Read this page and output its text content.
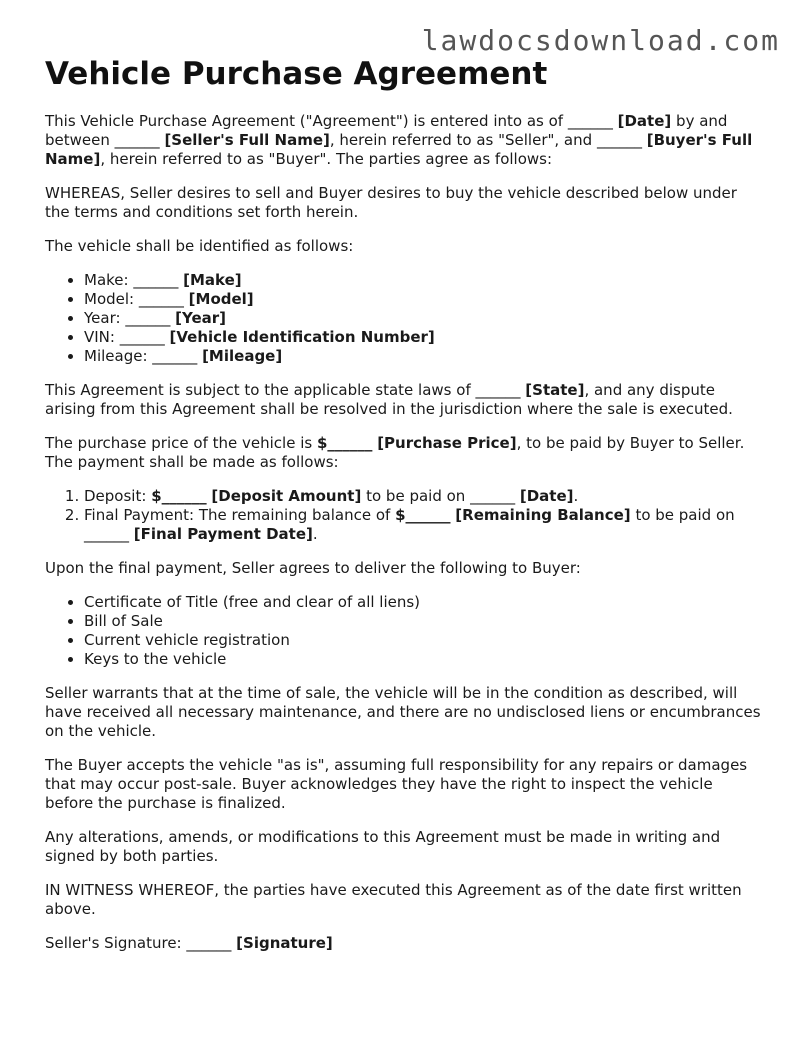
lawdocsdownload.com
Vehicle Purchase Agreement

This Vehicle Purchase Agreement ("Agreement") is entered into as of ______ [Date] by and between ______ [Seller's Full Name], herein referred to as "Seller", and ______ [Buyer's Full Name], herein referred to as "Buyer". The parties agree as follows:

WHEREAS, Seller desires to sell and Buyer desires to buy the vehicle described below under the terms and conditions set forth herein.

The vehicle shall be identified as follows:

• Make: ______ [Make]
• Model: ______ [Model]
• Year: ______ [Year]
• VIN: ______ [Vehicle Identification Number]
• Mileage: ______ [Mileage]

This Agreement is subject to the applicable state laws of ______ [State], and any dispute arising from this Agreement shall be resolved in the jurisdiction where the sale is executed.

The purchase price of the vehicle is $______ [Purchase Price], to be paid by Buyer to Seller. The payment shall be made as follows:

1. Deposit: $______ [Deposit Amount] to be paid on ______ [Date].
2. Final Payment: The remaining balance of $______ [Remaining Balance] to be paid on ______ [Final Payment Date].

Upon the final payment, Seller agrees to deliver the following to Buyer:

• Certificate of Title (free and clear of all liens)
• Bill of Sale
• Current vehicle registration
• Keys to the vehicle

Seller warrants that at the time of sale, the vehicle will be in the condition as described, will have received all necessary maintenance, and there are no undisclosed liens or encumbrances on the vehicle.

The Buyer accepts the vehicle "as is", assuming full responsibility for any repairs or damages that may occur post-sale. Buyer acknowledges they have the right to inspect the vehicle before the purchase is finalized.

Any alterations, amends, or modifications to this Agreement must be made in writing and signed by both parties.

IN WITNESS WHEREOF, the parties have executed this Agreement as of the date first written above.

Seller's Signature: ______ [Signature]
